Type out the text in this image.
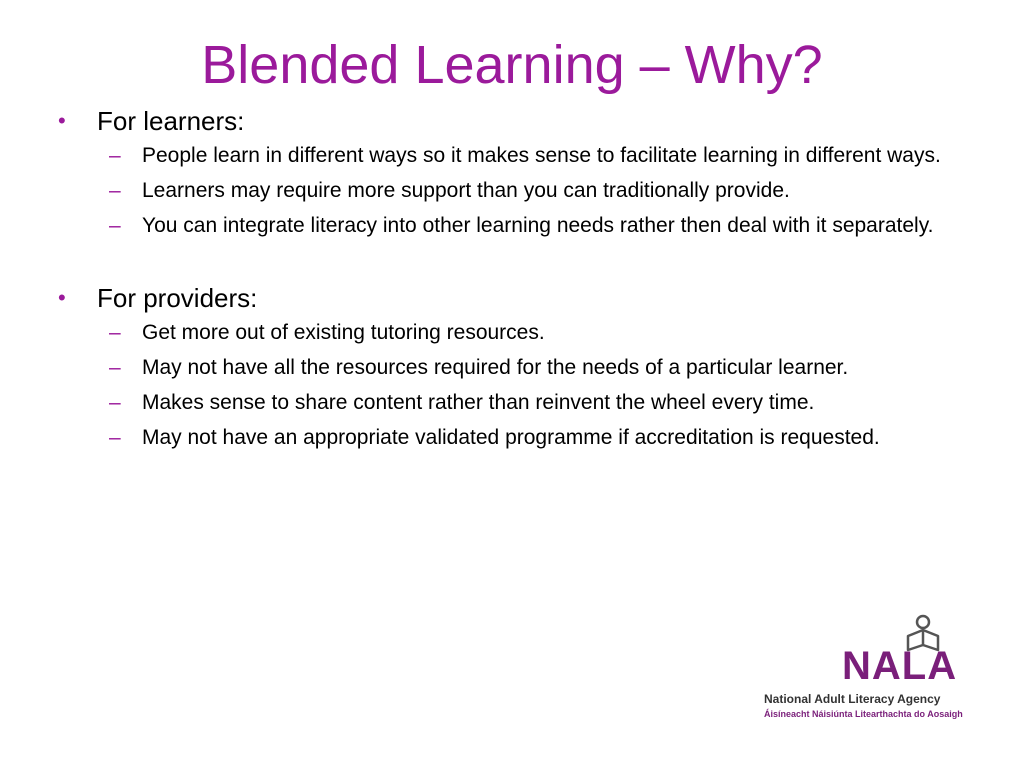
Blended Learning – Why?
•	For learners:
– People learn in different ways so it makes sense to facilitate learning in different ways.
– Learners may require more support than you can traditionally provide.
– You can integrate literacy into other learning needs rather then deal with it separately.
•	For providers:
– Get more out of existing tutoring resources.
– May not have all the resources required for the needs of a particular learner.
– Makes sense to share content rather than reinvent the wheel every time.
– May not have an appropriate validated programme if accreditation is requested.
NALA
National Adult Literacy Agency
Áisíneacht Náisiúnta Litearthachta do Aosaigh
